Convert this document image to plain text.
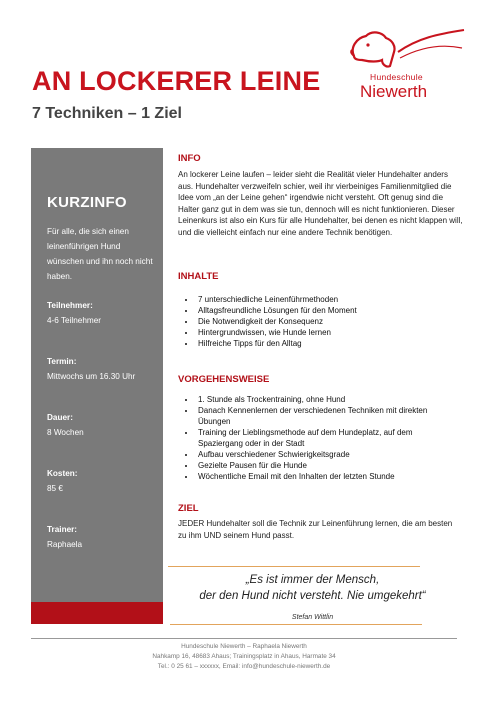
AN LOCKERER LEINE
7 Techniken – 1 Ziel
Hundeschule
Niewerth
KURZINFO
Für alle, die sich einen leinenführigen Hund wünschen und ihn noch nicht haben.
Teilnehmer:
4-6 Teilnehmer
Termin:
Mittwochs um 16.30 Uhr
Dauer:
8 Wochen
Kosten:
85 €
Trainer:
Raphaela
INFO
An lockerer Leine laufen – leider sieht die Realität vieler Hundehalter anders aus. Hundehalter verzweifeln schier, weil ihr vierbeiniges Familienmitglied die Idee vom „an der Leine gehen“ irgendwie nicht versteht. Oft genug sind die Halter ganz gut in dem was sie tun, dennoch will es nicht funktionieren. Dieser Leinenkurs ist also ein Kurs für alle Hundehalter, bei denen es nicht klappen will, und die vielleicht einfach nur eine andere Technik benötigen.
INHALTE
• 7 unterschiedliche Leinenführmethoden
• Alltagsfreundliche Lösungen für den Moment
• Die Notwendigkeit der Konsequenz
• Hintergrundwissen, wie Hunde lernen
• Hilfreiche Tipps für den Alltag
VORGEHENSWEISE
• 1. Stunde als Trockentraining, ohne Hund
• Danach Kennenlernen der verschiedenen Techniken mit direkten Übungen
• Training der Lieblingsmethode auf dem Hundeplatz, auf dem Spaziergang oder in der Stadt
• Aufbau verschiedener Schwierigkeitsgrade
• Gezielte Pausen für die Hunde
• Wöchentliche Email mit den Inhalten der letzten Stunde
ZIEL
JEDER Hundehalter soll die Technik zur Leinenführung lernen, die am besten zu ihm UND seinem Hund passt.
„Es ist immer der Mensch,
der den Hund nicht versteht. Nie umgekehrt“
Stefan Wittlin
Hundeschule Niewerth – Raphaela Niewerth
Nahkamp 16, 48683 Ahaus; Trainingsplatz in Ahaus, Harmate 34
Tel.: 0 25 61 – xxxxxx, Email: info@hundeschule-niewerth.de
